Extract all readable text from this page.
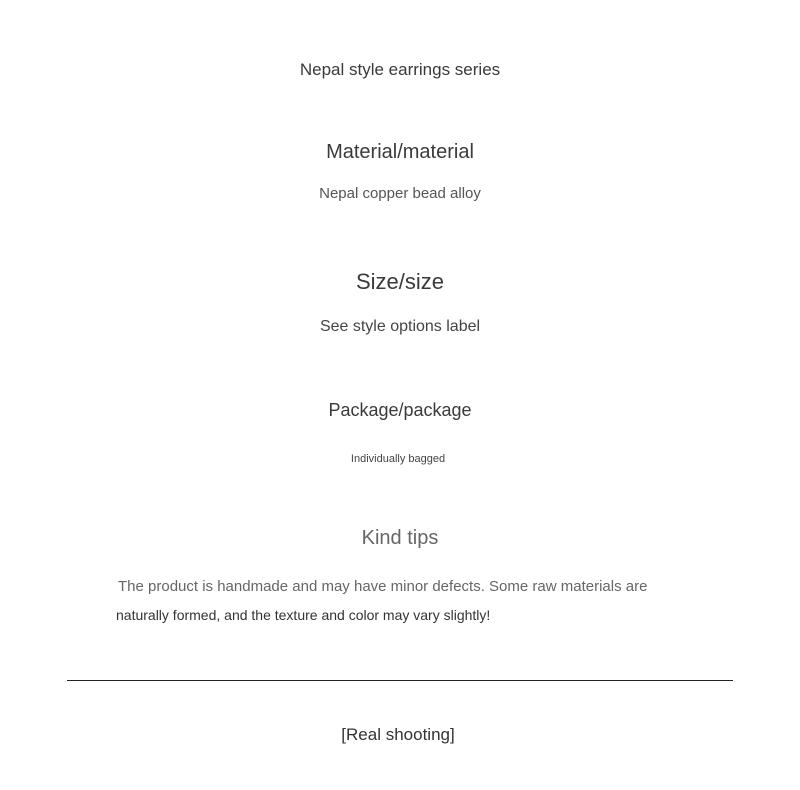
Nepal style earrings series
Material/material
Nepal copper bead alloy
Size/size
See style options label
Package/package
Individually bagged
Kind tips
The product is handmade and may have minor defects. Some raw materials are
naturally formed, and the texture and color may vary slightly!
[Real shooting]
